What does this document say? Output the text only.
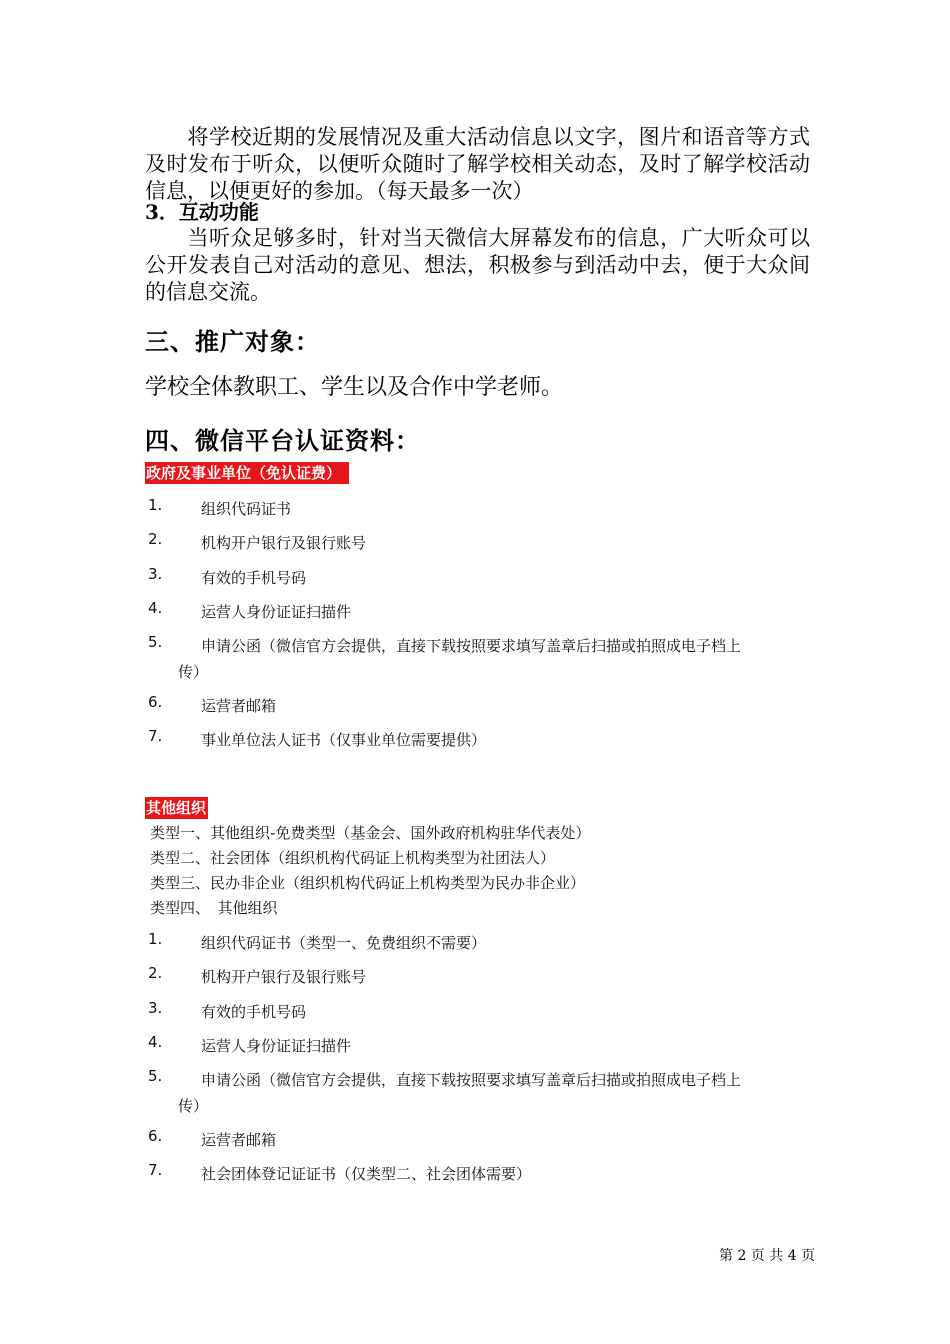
将学校近期的发展情况及重大活动信息以文字，图片和语音等方式及时发布于听众，以便听众随时了解学校相关动态，及时了解学校活动信息，以便更好的参加。（每天最多一次）
3．互动功能
当听众足够多时，针对当天微信大屏幕发布的信息，广大听众可以公开发表自己对活动的意见、想法，积极参与到活动中去，便于大众间的信息交流。
三、推广对象：
学校全体教职工、学生以及合作中学老师。
四、微信平台认证资料：
政府及事业单位（免认证费）
1.	组织代码证书
2.	机构开户银行及银行账号
3.	有效的手机号码
4.	运营人身份证证扫描件
5.	申请公函（微信官方会提供，直接下载按照要求填写盖章后扫描或拍照成电子档上
传）
6.	运营者邮箱
7.	事业单位法人证书（仅事业单位需要提供）
其他组织
类型一、其他组织-免费类型（基金会、国外政府机构驻华代表处）
类型二、社会团体（组织机构代码证上机构类型为社团法人）
类型三、民办非企业（组织机构代码证上机构类型为民办非企业）
类型四、　其他组织
1.	组织代码证书（类型一、免费组织不需要）
2.	机构开户银行及银行账号
3.	有效的手机号码
4.	运营人身份证证扫描件
5.	申请公函（微信官方会提供，直接下载按照要求填写盖章后扫描或拍照成电子档上
传）
6.	运营者邮箱
7.	社会团体登记证证书（仅类型二、社会团体需要）
第 2 页 共 4 页
